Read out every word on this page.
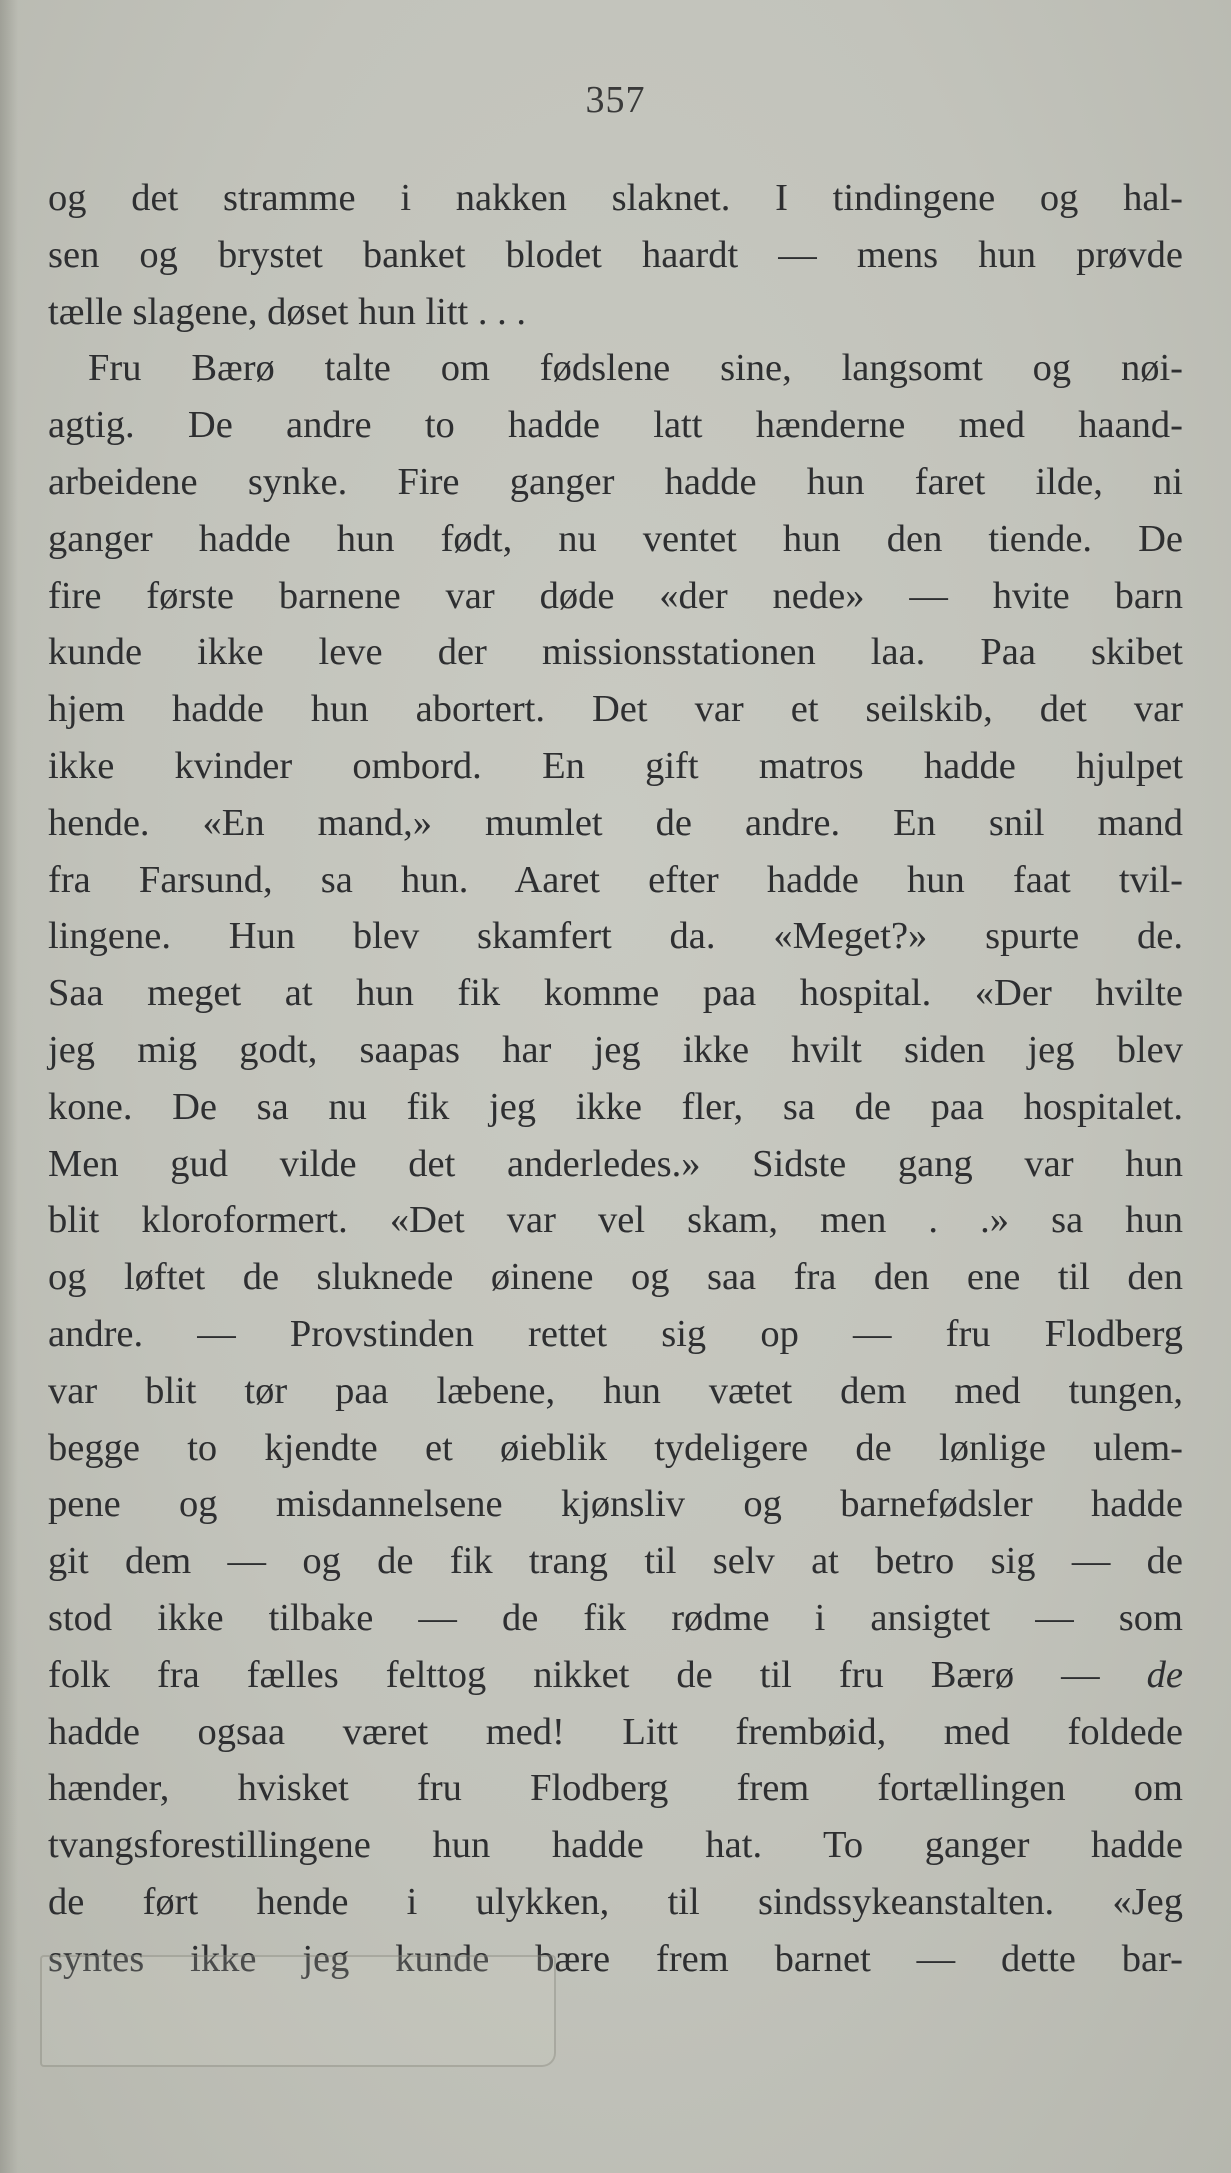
357
og det stramme i nakken slaknet. I tindingene og hal-
sen og brystet banket blodet haardt — mens hun prøvde
tælle slagene, døset hun litt . . .
Fru Bærø talte om fødslene sine, langsomt og nøi-
agtig. De andre to hadde latt hænderne med haand-
arbeidene synke. Fire ganger hadde hun faret ilde, ni
ganger hadde hun født, nu ventet hun den tiende. De
fire første barnene var døde «der nede» — hvite barn
kunde ikke leve der missionsstationen laa. Paa skibet
hjem hadde hun abortert. Det var et seilskib, det var
ikke kvinder ombord. En gift matros hadde hjulpet
hende. «En mand,» mumlet de andre. En snil mand
fra Farsund, sa hun. Aaret efter hadde hun faat tvil-
lingene. Hun blev skamfert da. «Meget?» spurte de.
Saa meget at hun fik komme paa hospital. «Der hvilte
jeg mig godt, saapas har jeg ikke hvilt siden jeg blev
kone. De sa nu fik jeg ikke fler, sa de paa hospitalet.
Men gud vilde det anderledes.» Sidste gang var hun
blit kloroformert. «Det var vel skam, men . .» sa hun
og løftet de sluknede øinene og saa fra den ene til den
andre. — Provstinden rettet sig op — fru Flodberg
var blit tør paa læbene, hun vætet dem med tungen,
begge to kjendte et øieblik tydeligere de lønlige ulem-
pene og misdannelsene kjønsliv og barnefødsler hadde
git dem — og de fik trang til selv at betro sig — de
stod ikke tilbake — de fik rødme i ansigtet — som
folk fra fælles felttog nikket de til fru Bærø — de
hadde ogsaa været med! Litt frembøid, med foldede
hænder, hvisket fru Flodberg frem fortællingen om
tvangsforestillingene hun hadde hat. To ganger hadde
de ført hende i ulykken, til sindssykeanstalten. «Jeg
syntes ikke jeg kunde bære frem barnet — dette bar-
